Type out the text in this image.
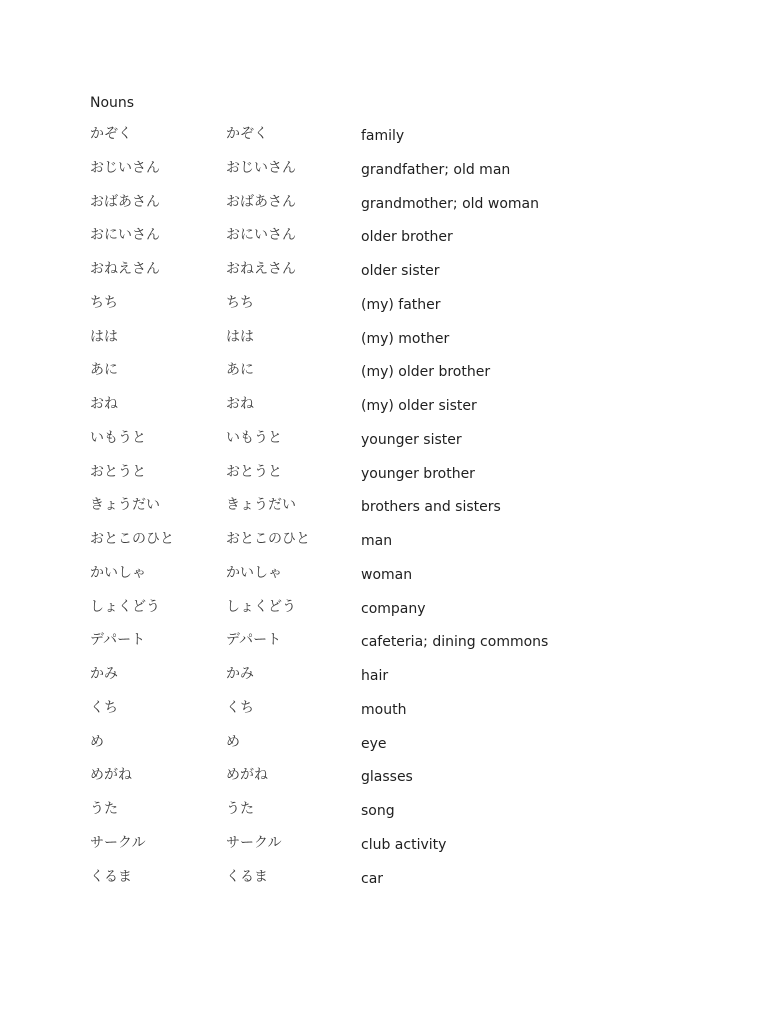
Nouns
かぞく	かぞく	family
おじいさん	おじいさん	grandfather; old man
おばあさん	おばあさん	grandmother; old woman
おにいさん	おにいさん	older brother
おねえさん	おねえさん	older sister
ちち	ちち	(my) father
はは	はは	(my) mother
あに	あに	(my) older brother
おね	おね	(my) older sister
いもうと	いもうと	younger sister
おとうと	おとうと	younger brother
きょうだい	きょうだい	brothers and sisters
おとこのひと	おとこのひと	man
かいしゃ	かいしゃ	woman
しょくどう	しょくどう	company
デパート	デパート	cafeteria; dining commons
かみ	かみ	hair
くち	くち	mouth
め	め	eye
めがね	めがね	glasses
うた	うた	song
サークル	サークル	club activity
くるま	くるま	car
